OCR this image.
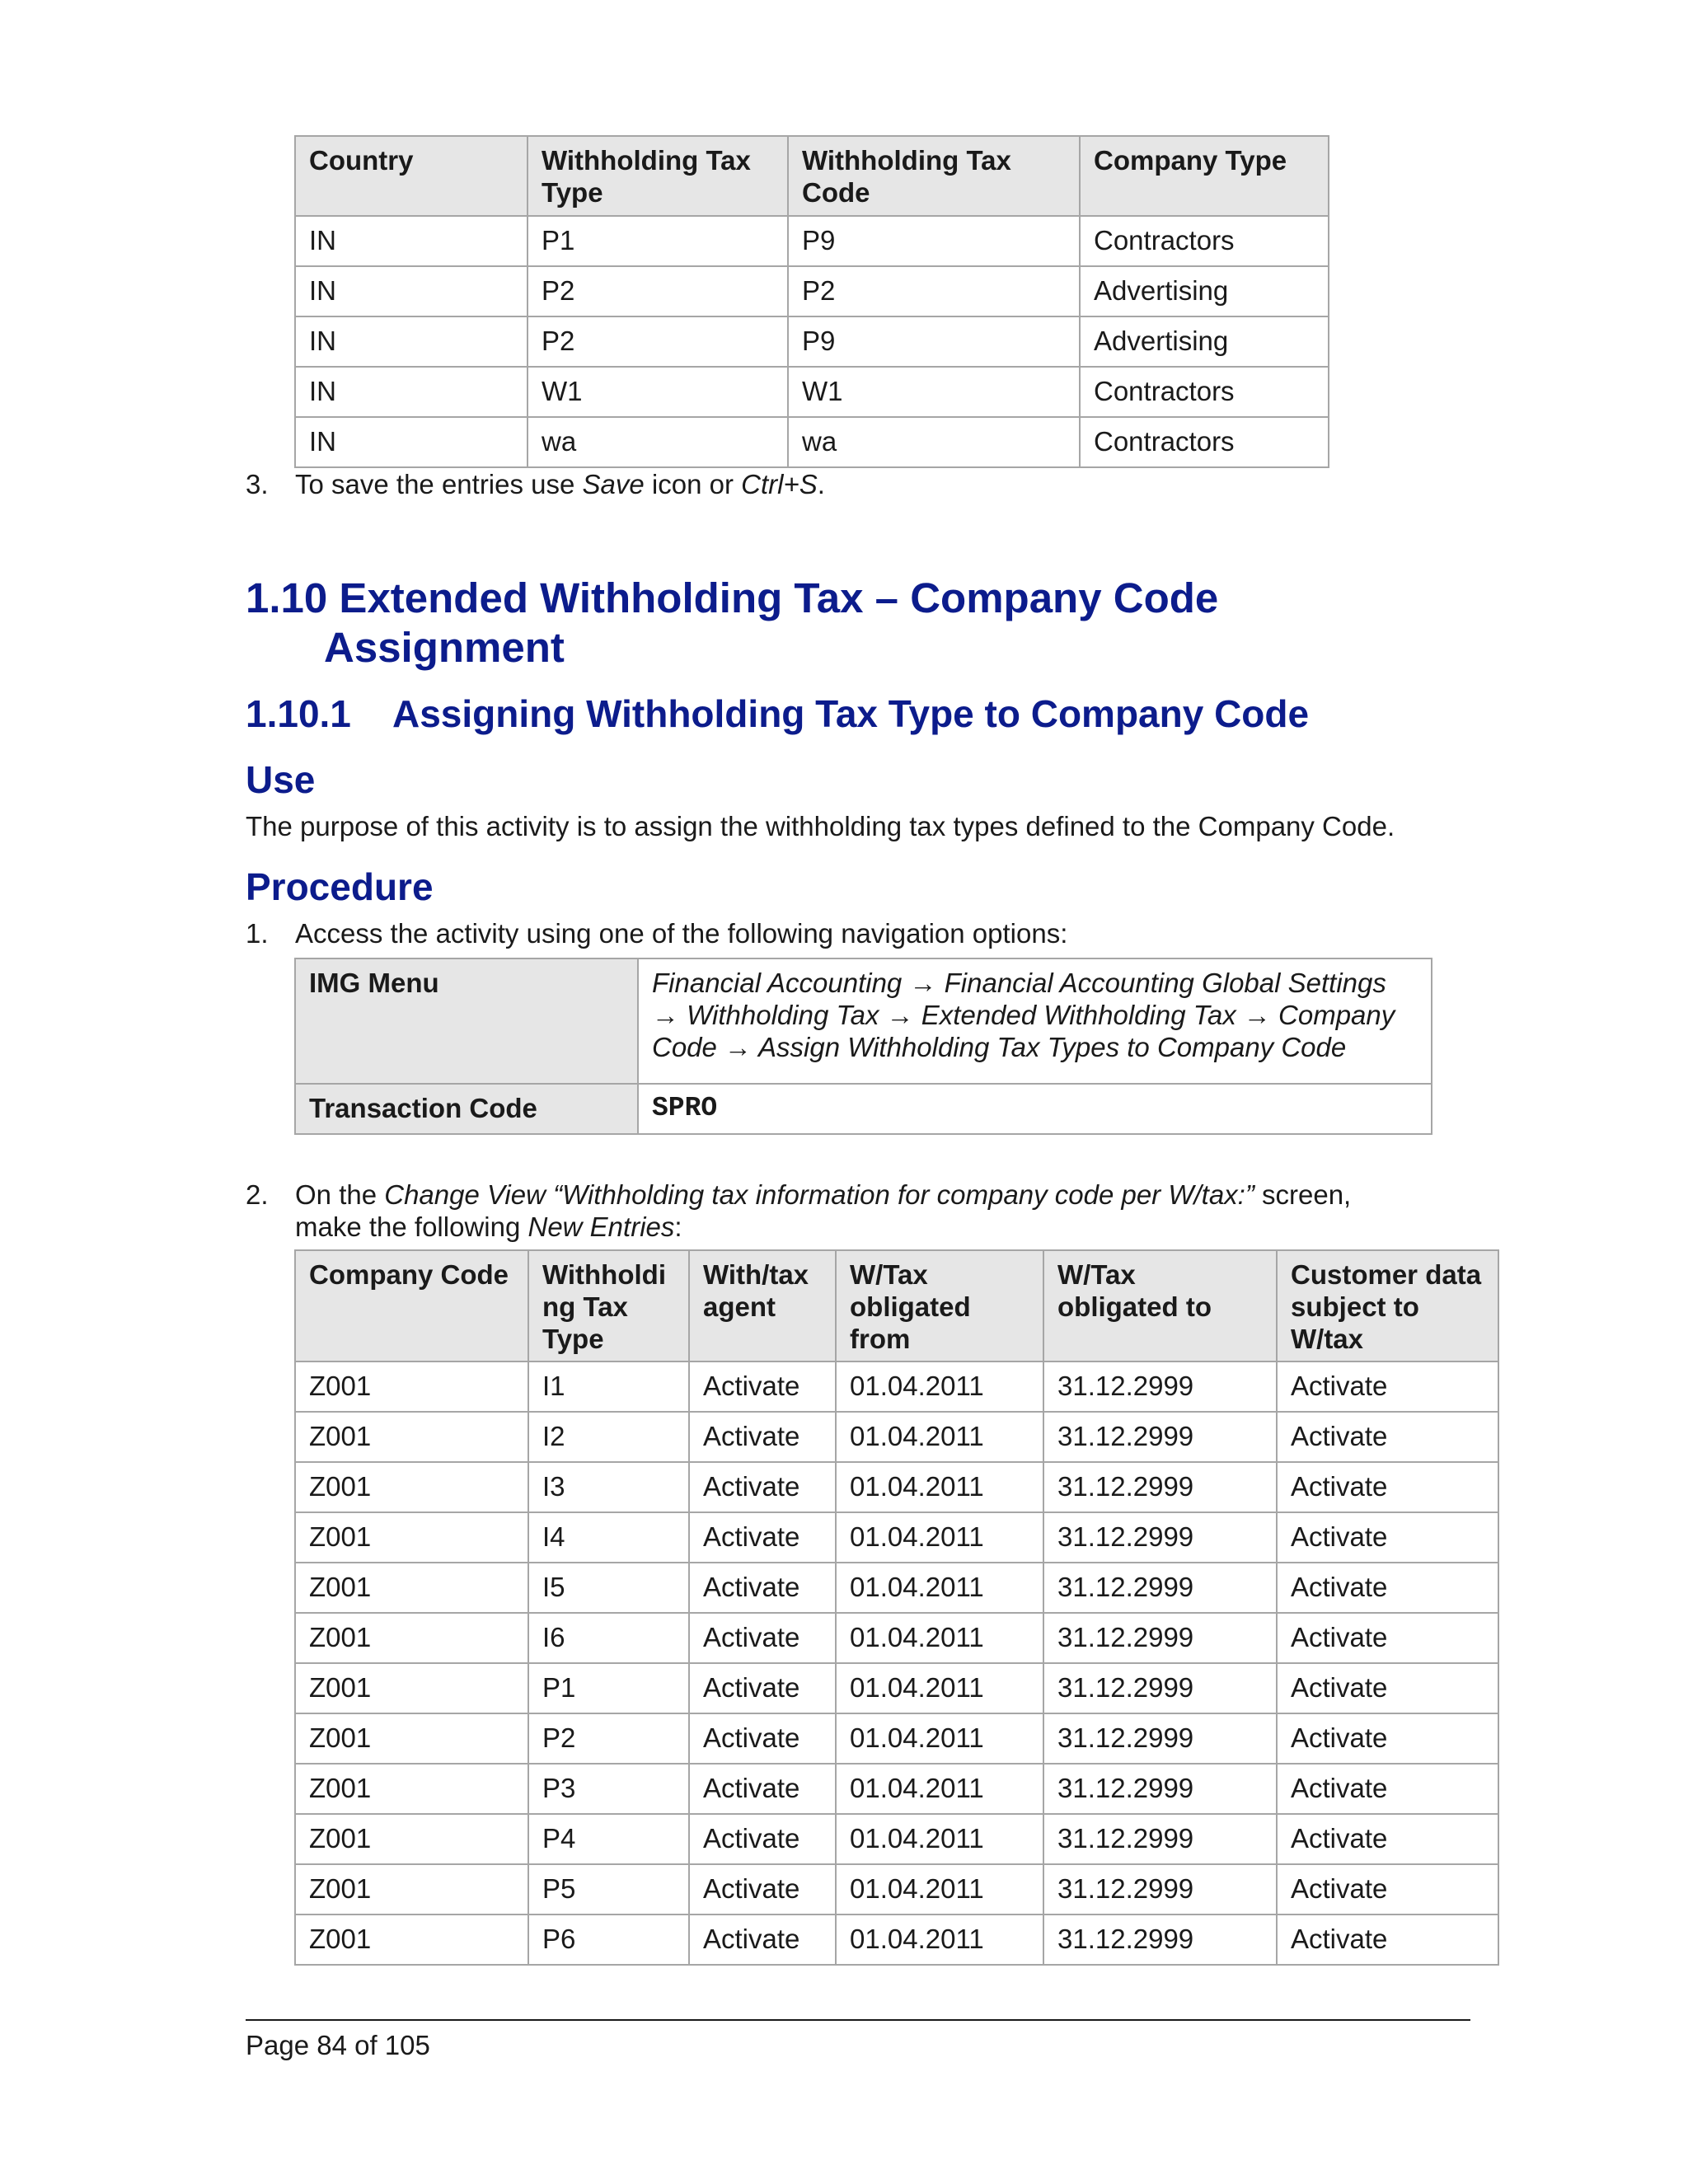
Country	Withholding Tax Type	Withholding Tax Code	Company Type
IN	P1	P9	Contractors
IN	P2	P2	Advertising
IN	P2	P9	Advertising
IN	W1	W1	Contractors
IN	wa	wa	Contractors
3. To save the entries use Save icon or Ctrl+S.
1.10 Extended Withholding Tax – Company Code
Assignment
1.10.1 Assigning Withholding Tax Type to Company Code
Use

The purpose of this activity is to assign the withholding tax types defined to the Company Code.

Procedure
1. Access the activity using one of the following navigation options:
IMG Menu	Financial Accounting → Financial Accounting Global Settings → Withholding Tax → Extended Withholding Tax → Company Code → Assign Withholding Tax Types to Company Code
Transaction Code	SPRO
2. On the Change View “Withholding tax information for company code per W/tax:” screen,
make the following New Entries:
Company Code	Withholdi ng Tax Type	With/tax agent	W/Tax obligated from	W/Tax obligated to	Customer data subject to W/tax
Z001	I1	Activate	01.04.2011	31.12.2999	Activate
Z001	I2	Activate	01.04.2011	31.12.2999	Activate
Z001	I3	Activate	01.04.2011	31.12.2999	Activate
Z001	I4	Activate	01.04.2011	31.12.2999	Activate
Z001	I5	Activate	01.04.2011	31.12.2999	Activate
Z001	I6	Activate	01.04.2011	31.12.2999	Activate
Z001	P1	Activate	01.04.2011	31.12.2999	Activate
Z001	P2	Activate	01.04.2011	31.12.2999	Activate
Z001	P3	Activate	01.04.2011	31.12.2999	Activate
Z001	P4	Activate	01.04.2011	31.12.2999	Activate
Z001	P5	Activate	01.04.2011	31.12.2999	Activate
Z001	P6	Activate	01.04.2011	31.12.2999	Activate
Page 84 of 105
